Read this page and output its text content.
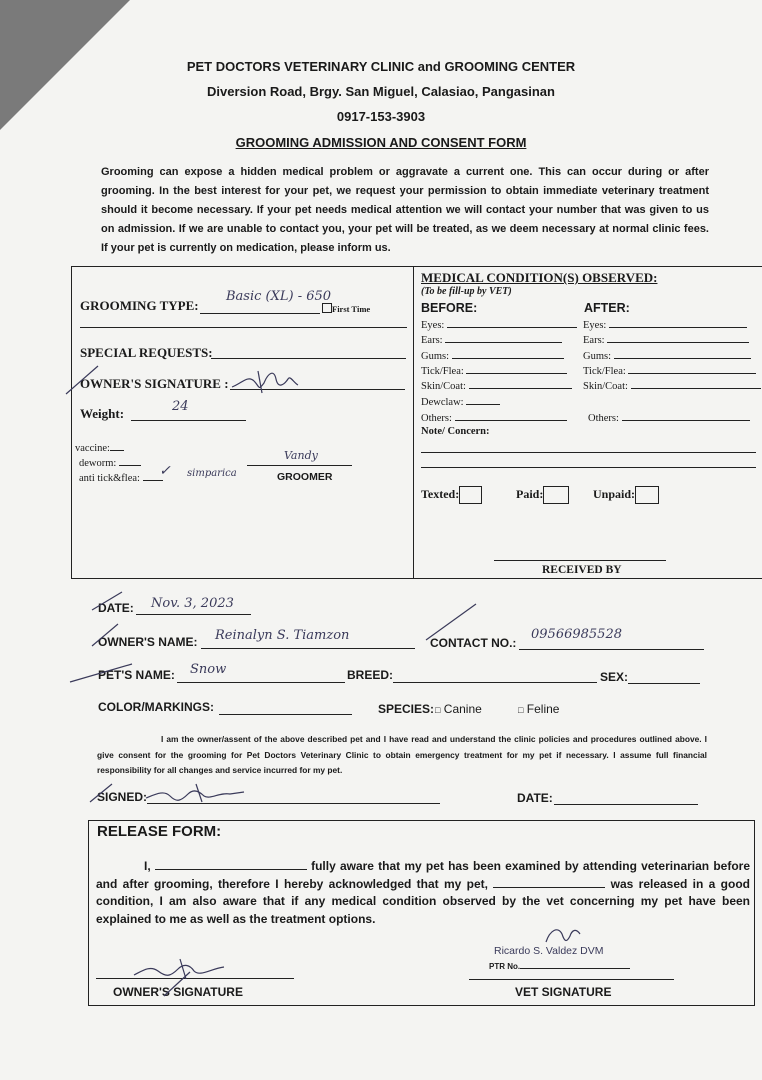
PET DOCTORS VETERINARY CLINIC and GROOMING CENTER
Diversion Road, Brgy. San Miguel, Calasiao, Pangasinan
0917-153-3903
GROOMING ADMISSION AND CONSENT FORM
Grooming can expose a hidden medical problem or aggravate a current one. This can occur during or after grooming. In the best interest for your pet, we request your permission to obtain immediate veterinary treatment should it become necessary. If your pet needs medical attention we will contact your number that was given to us on admission. If we are unable to contact you, your pet will be treated, as we deem necessary at normal clinic fees. If your pet is currently on medication, please inform us.
GROOMING TYPE:
Basic (XL) - 650
First Time
SPECIAL REQUESTS:
OWNER'S SIGNATURE :
Weight:	24
vaccine:
deworm:
anti tick&flea:	✓ simparica
Vandy
GROOMER
MEDICAL CONDITION(S) OBSERVED:
(To be fill-up by VET)
BEFORE:	AFTER:
Eyes:	Eyes:
Ears:	Ears:
Gums:	Gums:
Tick/Flea:	Tick/Flea:
Skin/Coat:	Skin/Coat:
Dewclaw:
Others:	Others:
Note/ Concern:
Texted:	Paid:	Unpaid:
RECEIVED BY
DATE: Nov. 3, 2023
OWNER'S NAME: Reinalyn S. Tiamzon	CONTACT NO.:
09566985528
PET'S NAME: Snow	BREED:	SEX:
COLOR/MARKINGS:	SPECIES: □ Canine	□ Feline
I am the owner/assent of the above described pet and I have read and understand the clinic policies and procedures outlined above. I give consent for the grooming for Pet Doctors Veterinary Clinic to obtain emergency treatment for my pet if necessary. I assume full financial responsibility for all changes and service incurred for my pet.
SIGNED:	DATE:
RELEASE FORM:
I,	fully aware that my pet has been examined by attending veterinarian before and after grooming, therefore I hereby acknowledged that my pet,	was released in a good condition, I am also aware that if any medical condition observed by the vet concerning my pet have been explained to me as well as the treatment options.
OWNER'S SIGNATURE
Ricardo S. Valdez DVM
PTR No.
VET SIGNATURE
